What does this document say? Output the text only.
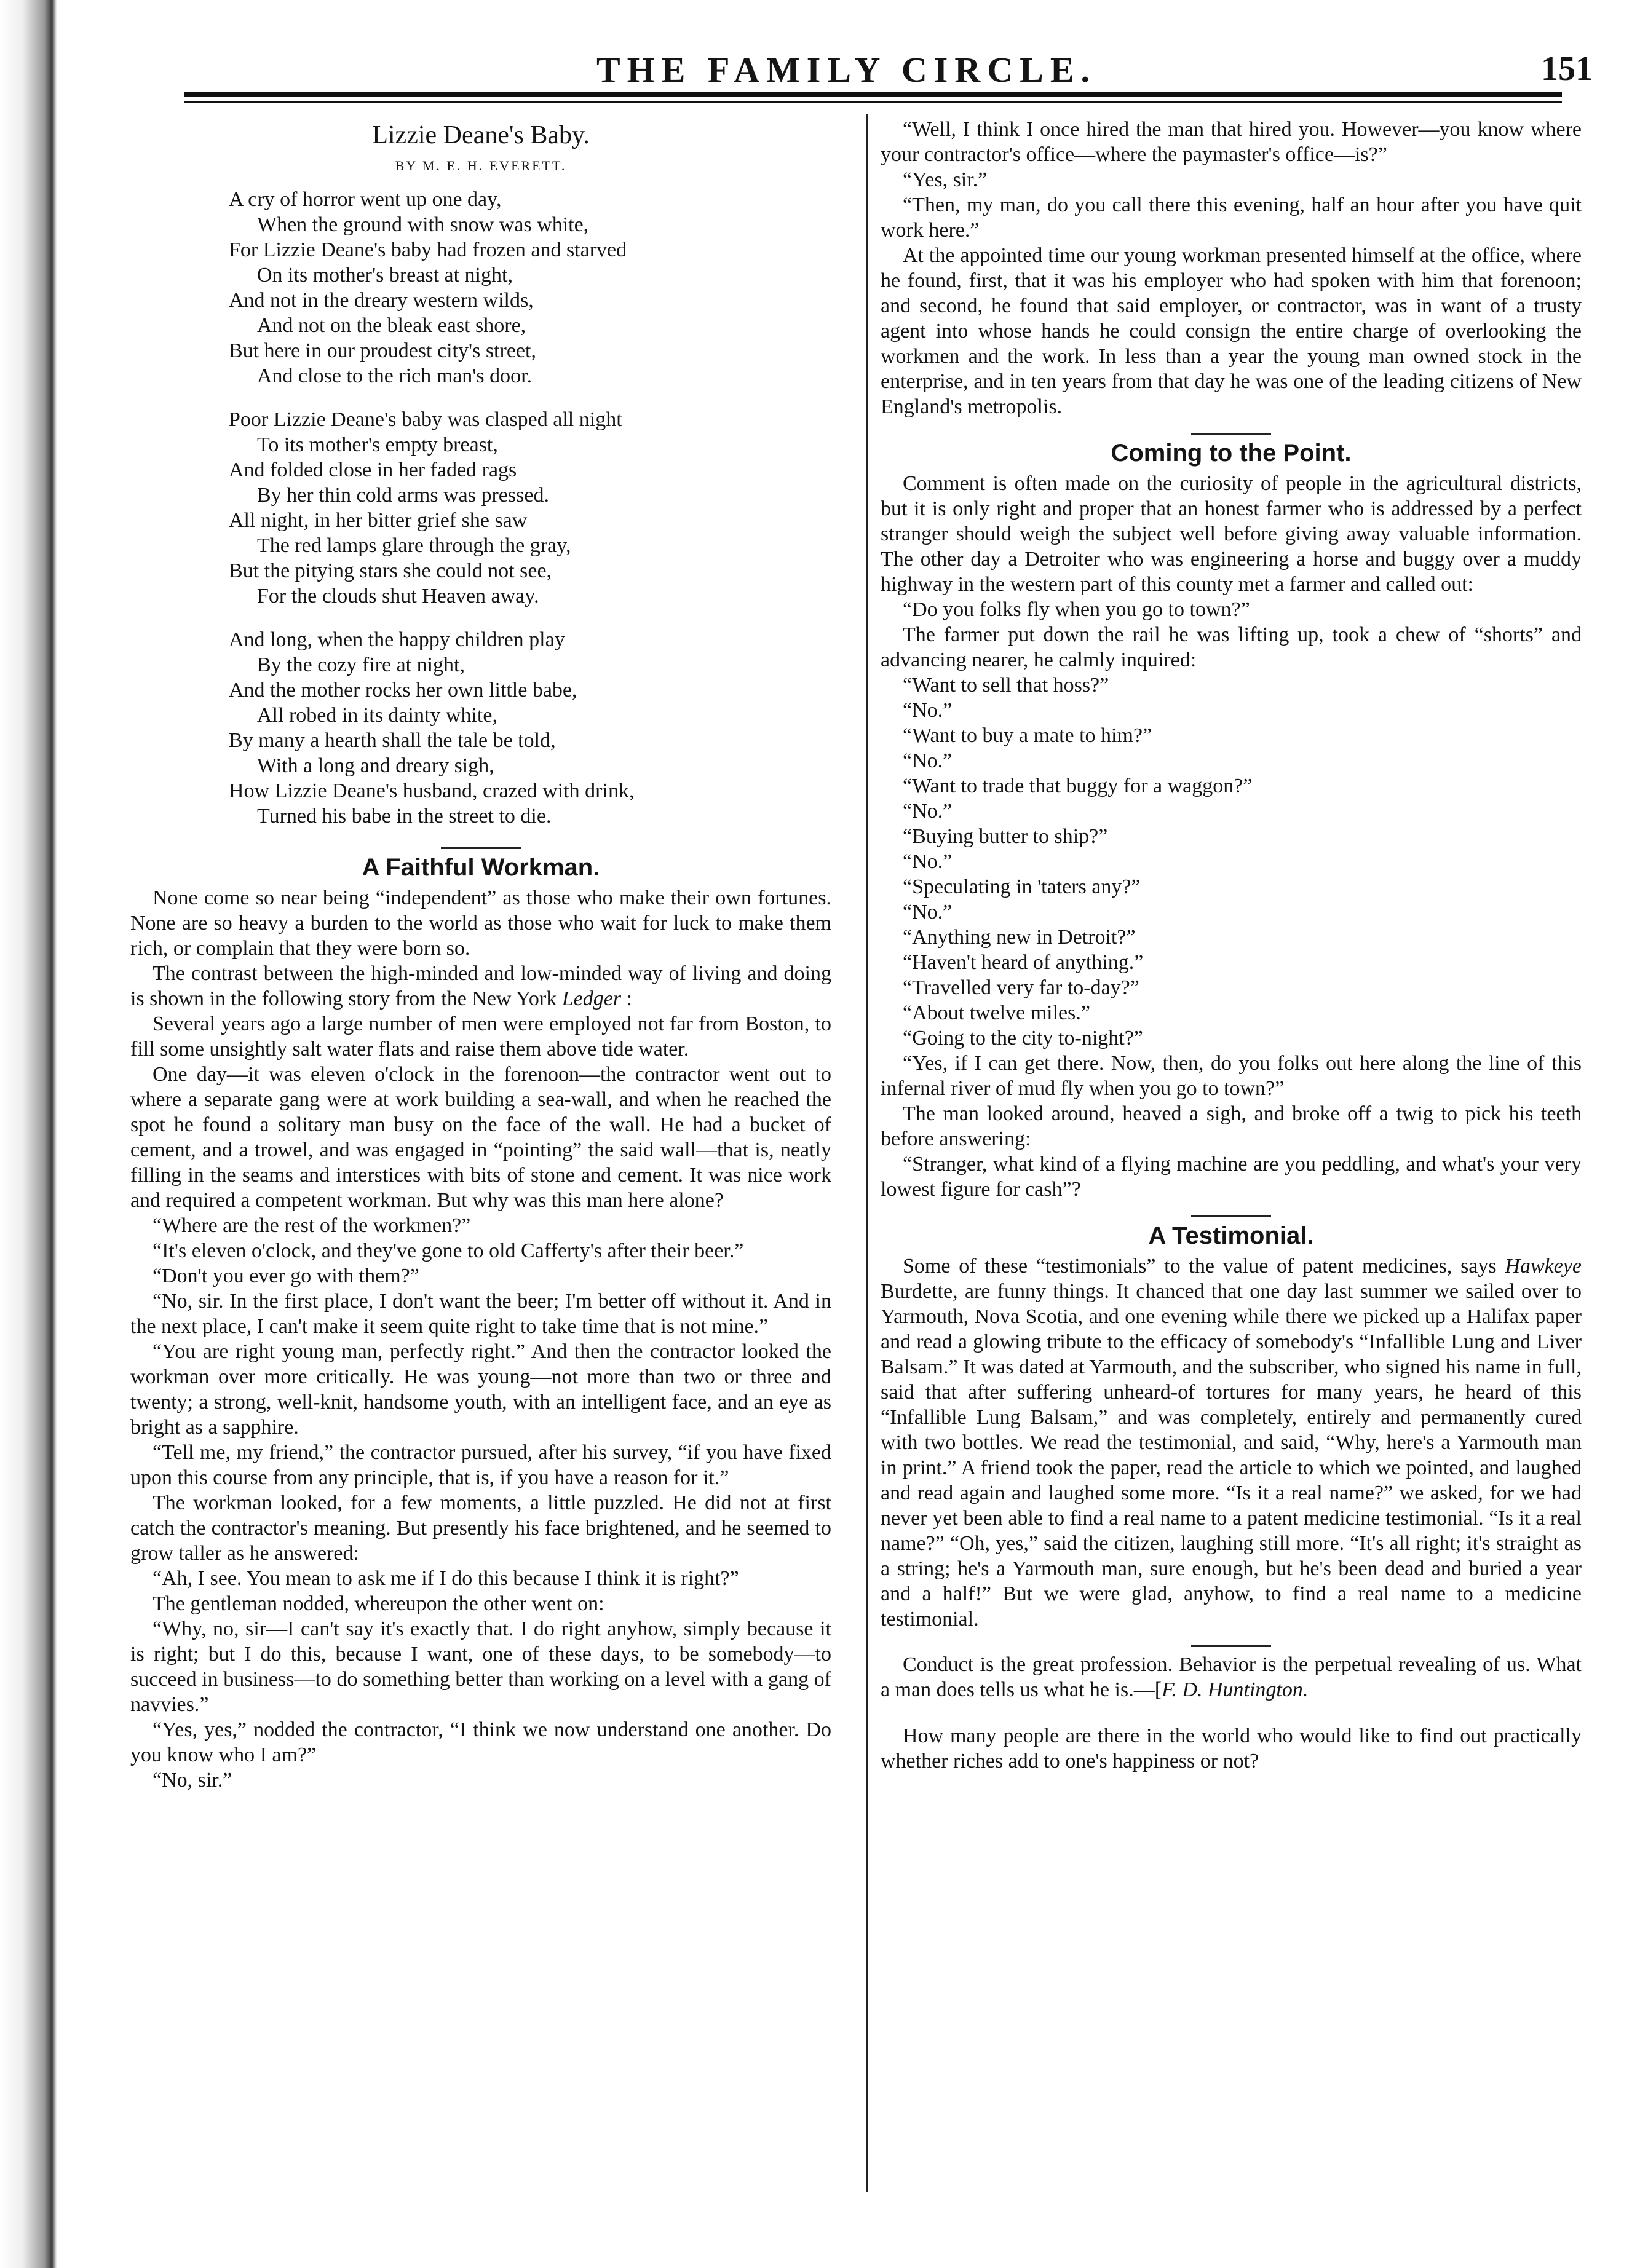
THE FAMILY CIRCLE.	151
Lizzie Deane's Baby.
BY M. E. H. EVERETT.
A cry of horror went up one day,
When the ground with snow was white,
For Lizzie Deane's baby had frozen and starved
On its mother's breast at night,
And not in the dreary western wilds,
And not on the bleak east shore,
But here in our proudest city's street,
And close to the rich man's door.
Poor Lizzie Deane's baby was clasped all night
To its mother's empty breast,
And folded close in her faded rags
By her thin cold arms was pressed.
All night, in her bitter grief she saw
The red lamps glare through the gray,
But the pitying stars she could not see,
For the clouds shut Heaven away.
And long, when the happy children play
By the cozy fire at night,
And the mother rocks her own little babe,
All robed in its dainty white,
By many a hearth shall the tale be told,
With a long and dreary sigh,
How Lizzie Deane's husband, crazed with drink,
Turned his babe in the street to die.
A Faithful Workman.

None come so near being “independent” as those who make their own fortunes. None are so heavy a burden to the world as those who wait for luck to make them rich, or complain that they were born so.

The contrast between the high-minded and low-minded way of living and doing is shown in the following story from the New York Ledger :

Several years ago a large number of men were employed not far from Boston, to fill some unsightly salt water flats and raise them above tide water.

One day—it was eleven o'clock in the forenoon—the contractor went out to where a separate gang were at work building a sea-wall, and when he reached the spot he found a solitary man busy on the face of the wall. He had a bucket of cement, and a trowel, and was engaged in “pointing” the said wall—that is, neatly filling in the seams and interstices with bits of stone and cement. It was nice work and required a competent workman. But why was this man here alone?

“Where are the rest of the workmen?”

“It's eleven o'clock, and they've gone to old Cafferty's after their beer.”

“Don't you ever go with them?”

“No, sir. In the first place, I don't want the beer; I'm better off without it. And in the next place, I can't make it seem quite right to take time that is not mine.”

“You are right young man, perfectly right.” And then the contractor looked the workman over more critically. He was young—not more than two or three and twenty; a strong, well-knit, handsome youth, with an intelligent face, and an eye as bright as a sapphire.

“Tell me, my friend,” the contractor pursued, after his survey, “if you have fixed upon this course from any principle, that is, if you have a reason for it.”

The workman looked, for a few moments, a little puzzled. He did not at first catch the contractor's meaning. But presently his face brightened, and he seemed to grow taller as he answered:

“Ah, I see. You mean to ask me if I do this because I think it is right?”

The gentleman nodded, whereupon the other went on:

“Why, no, sir—I can't say it's exactly that. I do right anyhow, simply because it is right; but I do this, because I want, one of these days, to be somebody—to succeed in business—to do something better than working on a level with a gang of navvies.”

“Yes, yes,” nodded the contractor, “I think we now understand one another. Do you know who I am?”

“No, sir.”

“Well, I think I once hired the man that hired you. However—you know where your contractor's office—where the paymaster's office—is?”

“Yes, sir.”

“Then, my man, do you call there this evening, half an hour after you have quit work here.”

At the appointed time our young workman presented himself at the office, where he found, first, that it was his employer who had spoken with him that forenoon; and second, he found that said employer, or contractor, was in want of a trusty agent into whose hands he could consign the entire charge of overlooking the workmen and the work. In less than a year the young man owned stock in the enterprise, and in ten years from that day he was one of the leading citizens of New England's metropolis.

Coming to the Point.

Comment is often made on the curiosity of people in the agricultural districts, but it is only right and proper that an honest farmer who is addressed by a perfect stranger should weigh the subject well before giving away valuable information. The other day a Detroiter who was engineering a horse and buggy over a muddy highway in the western part of this county met a farmer and called out:

“Do you folks fly when you go to town?”

The farmer put down the rail he was lifting up, took a chew of “shorts” and advancing nearer, he calmly inquired:

“Want to sell that hoss?”

“No.”

“Want to buy a mate to him?”

“No.”

“Want to trade that buggy for a waggon?”

“No.”

“Buying butter to ship?”

“No.”

“Speculating in 'taters any?”

“No.”

“Anything new in Detroit?”

“Haven't heard of anything.”

“Travelled very far to-day?”

“About twelve miles.”

“Going to the city to-night?”

“Yes, if I can get there. Now, then, do you folks out here along the line of this infernal river of mud fly when you go to town?”

The man looked around, heaved a sigh, and broke off a twig to pick his teeth before answering:

“Stranger, what kind of a flying machine are you peddling, and what's your very lowest figure for cash”?

A Testimonial.

Some of these “testimonials” to the value of patent medicines, says Hawkeye Burdette, are funny things. It chanced that one day last summer we sailed over to Yarmouth, Nova Scotia, and one evening while there we picked up a Halifax paper and read a glowing tribute to the efficacy of somebody's “Infallible Lung and Liver Balsam.” It was dated at Yarmouth, and the subscriber, who signed his name in full, said that after suffering unheard-of tortures for many years, he heard of this “Infallible Lung Balsam,” and was completely, entirely and permanently cured with two bottles. We read the testimonial, and said, “Why, here's a Yarmouth man in print.” A friend took the paper, read the article to which we pointed, and laughed and read again and laughed some more. “Is it a real name?” we asked, for we had never yet been able to find a real name to a patent medicine testimonial. “Is it a real name?” “Oh, yes,” said the citizen, laughing still more. “It's all right; it's straight as a string; he's a Yarmouth man, sure enough, but he's been dead and buried a year and a half!” But we were glad, anyhow, to find a real name to a medicine testimonial.

Conduct is the great profession. Behavior is the perpetual revealing of us. What a man does tells us what he is.—[F. D. Huntington.

How many people are there in the world who would like to find out practically whether riches add to one's happiness or not?
